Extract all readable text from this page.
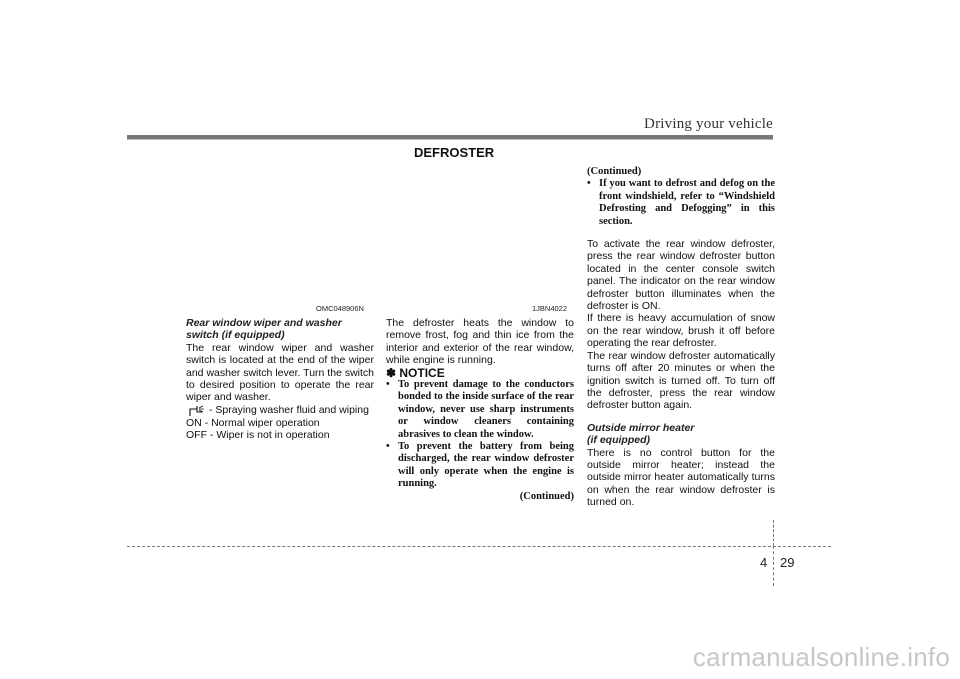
Driving your vehicle
DEFROSTER
OMC048906N	1JBN4022

Rear window wiper and washer

switch (if equipped)

The rear window wiper and washer switch is located at the end of the wiper and washer switch lever. Turn the switch to desired position to operate the rear wiper and washer.

- Spraying washer fluid and wiping

ON - Normal wiper operation

OFF - Wiper is not in operation

The defroster heats the window to remove frost, fog and thin ice from the interior and exterior of the rear window, while engine is running.

✽ NOTICE

• To prevent damage to the conductors bonded to the inside surface of the rear window, never use sharp instruments or window cleaners containing abrasives to clean the window.
• To prevent the battery from being discharged, the rear window defroster will only operate when the engine is running.

(Continued)

(Continued)

• If you want to defrost and defog on the front windshield, refer to “Windshield Defrosting and Defogging” in this section.

To activate the rear window defroster, press the rear window defroster button located in the center console switch panel. The indicator on the rear window defroster button illuminates when the defroster is ON.

If there is heavy accumulation of snow on the rear window, brush it off before operating the rear defroster.

The rear window defroster automatically turns off after 20 minutes or when the ignition switch is turned off. To turn off the defroster, press the rear window defroster button again.

Outside mirror heater

(if equipped)

There is no control button for the outside mirror heater; instead the outside mirror heater automatically turns on when the rear window defroster is turned on.

4 29
carmanualsonline.info
